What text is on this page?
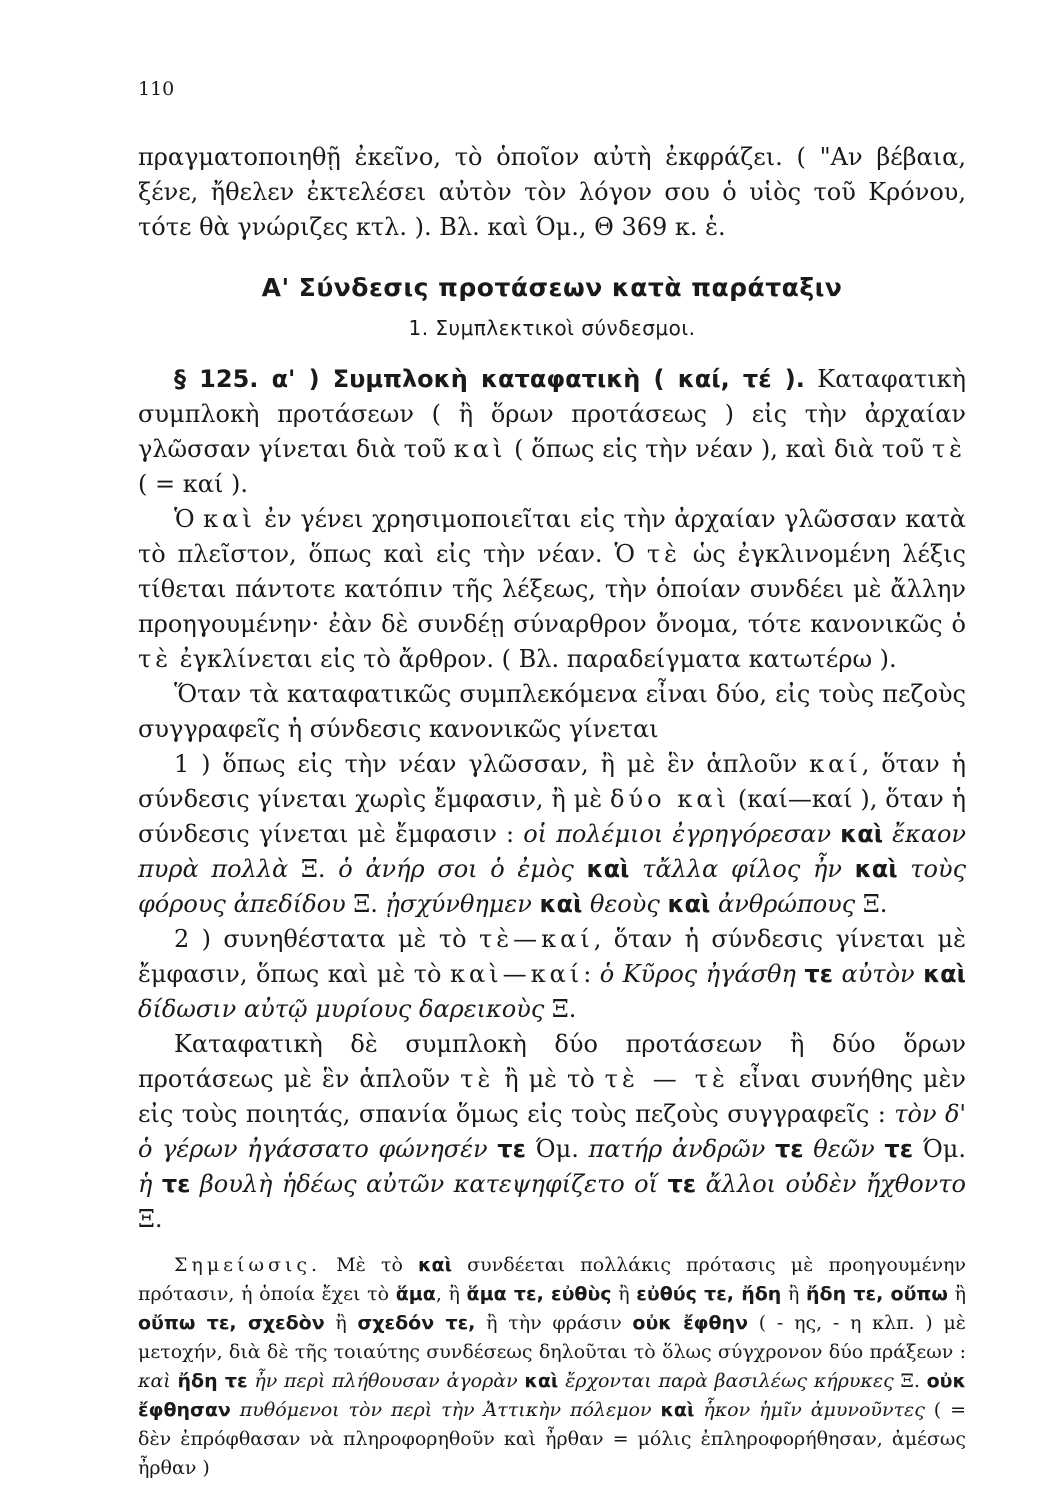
110

πραγματοποιηθῇ ἐκεῖνο, τὸ ὁποῖον αὐτὴ ἐκφράζει. ( "Αν βέβαια, ξένε, ἤθελεν ἐκτελέσει αὐτὸν τὸν λόγον σου ὁ υἱὸς τοῦ Κρόνου, τότε θὰ γνώριζες κτλ. ). Βλ. καὶ Όμ., Θ 369 κ. ἑ.

Α' Σύνδεσις προτάσεων κατὰ παράταξιν
1. Συμπλεκτικοὶ σύνδεσμοι.

§ 125. α' ) Συμπλοκὴ καταφατικὴ ( καί, τέ ). Καταφατικὴ συμπλοκὴ προτάσεων ( ἢ ὅρων προτάσεως ) εἰς τὴν ἀρχαίαν γλῶσσαν γίνεται διὰ τοῦ καὶ ( ὅπως εἰς τὴν νέαν ), καὶ διὰ τοῦ τὲ ( = καί ).

Ὁ καὶ ἐν γένει χρησιμοποιεῖται εἰς τὴν ἀρχαίαν γλῶσσαν κατὰ τὸ πλεῖστον, ὅπως καὶ εἰς τὴν νέαν. Ὁ τὲ ὡς ἐγκλινομένη λέξις τίθεται πάντοτε κατόπιν τῆς λέξεως, τὴν ὁποίαν συνδέει μὲ ἄλλην προηγουμένην· ἐὰν δὲ συνδέῃ σύναρθρον ὄνομα, τότε κανονικῶς ὁ τὲ ἐγκλίνεται εἰς τὸ ἄρθρον. ( Βλ. παραδείγματα κατωτέρω ).

Ὅταν τὰ καταφατικῶς συμπλεκόμενα εἶναι δύο, εἰς τοὺς πεζοὺς συγγραφεῖς ἡ σύνδεσις κανονικῶς γίνεται

1 ) ὅπως εἰς τὴν νέαν γλῶσσαν, ἢ μὲ ἓν ἁπλοῦν καί, ὅταν ἡ σύνδεσις γίνεται χωρὶς ἔμφασιν, ἢ μὲ δύο καὶ (καί—καί ), ὅταν ἡ σύνδεσις γίνεται μὲ ἔμφασιν : οἱ πολέμιοι ἐγρηγόρεσαν καὶ ἔκαον πυρὰ πολλὰ Ξ. ὁ ἀνήρ σοι ὁ ἐμὸς καὶ τἄλλα φίλος ἦν καὶ τοὺς φόρους ἀπεδίδου Ξ. ᾐσχύνθημεν καὶ θεοὺς καὶ ἀνθρώπους Ξ.

2 ) συνηθέστατα μὲ τὸ τὲ—καί, ὅταν ἡ σύνδεσις γίνεται μὲ ἔμφασιν, ὅπως καὶ μὲ τὸ καὶ—καί: ὁ Κῦρος ἠγάσθη τε αὐτὸν καὶ δίδωσιν αὐτῷ μυρίους δαρεικοὺς Ξ.

Καταφατικὴ δὲ συμπλοκὴ δύο προτάσεων ἢ δύο ὅρων προτάσεως μὲ ἓν ἁπλοῦν τὲ ἢ μὲ τὸ τὲ — τὲ εἶναι συνήθης μὲν εἰς τοὺς ποιητάς, σπανία ὅμως εἰς τοὺς πεζοὺς συγγραφεῖς : τὸν δ' ὁ γέρων ἠγάσσατο φώνησέν τε Όμ. πατήρ ἀνδρῶν τε θεῶν τε Όμ. ἡ τε βουλὴ ἡδέως αὐτῶν κατεψηφίζετο οἵ τε ἄλλοι οὐδὲν ἤχθοντο Ξ.

Σημείωσις. Μὲ τὸ καὶ συνδέεται πολλάκις πρότασις μὲ προηγουμένην πρότασιν, ἡ ὁποία ἔχει τὸ ἅμα, ἢ ἅμα τε, εὐθὺς ἢ εὐθύς τε, ἤδη ἢ ἤδη τε, οὔπω ἢ οὔπω τε, σχεδὸν ἢ σχεδόν τε, ἢ τὴν φράσιν οὐκ ἔφθην ( - ης, - η κλπ. ) μὲ μετοχήν, διὰ δὲ τῆς τοιαύτης συνδέσεως δηλοῦται τὸ ὅλως σύγχρονον δύο πράξεων : καὶ ἤδη τε ἦν περὶ πλήθουσαν ἀγορὰν καὶ ἔρχονται παρὰ βασιλέως κήρυκες Ξ. οὐκ ἔφθησαν πυθόμενοι τὸν περὶ τὴν Ἀττικὴν πόλεμον καὶ ἧκον ἡμῖν ἀμυνοῦντες ( = δὲν ἐπρόφθασαν νὰ πληροφορηθοῦν καὶ ἦρθαν = μόλις ἐπληροφορήθησαν, ἀμέσως ἦρθαν )
